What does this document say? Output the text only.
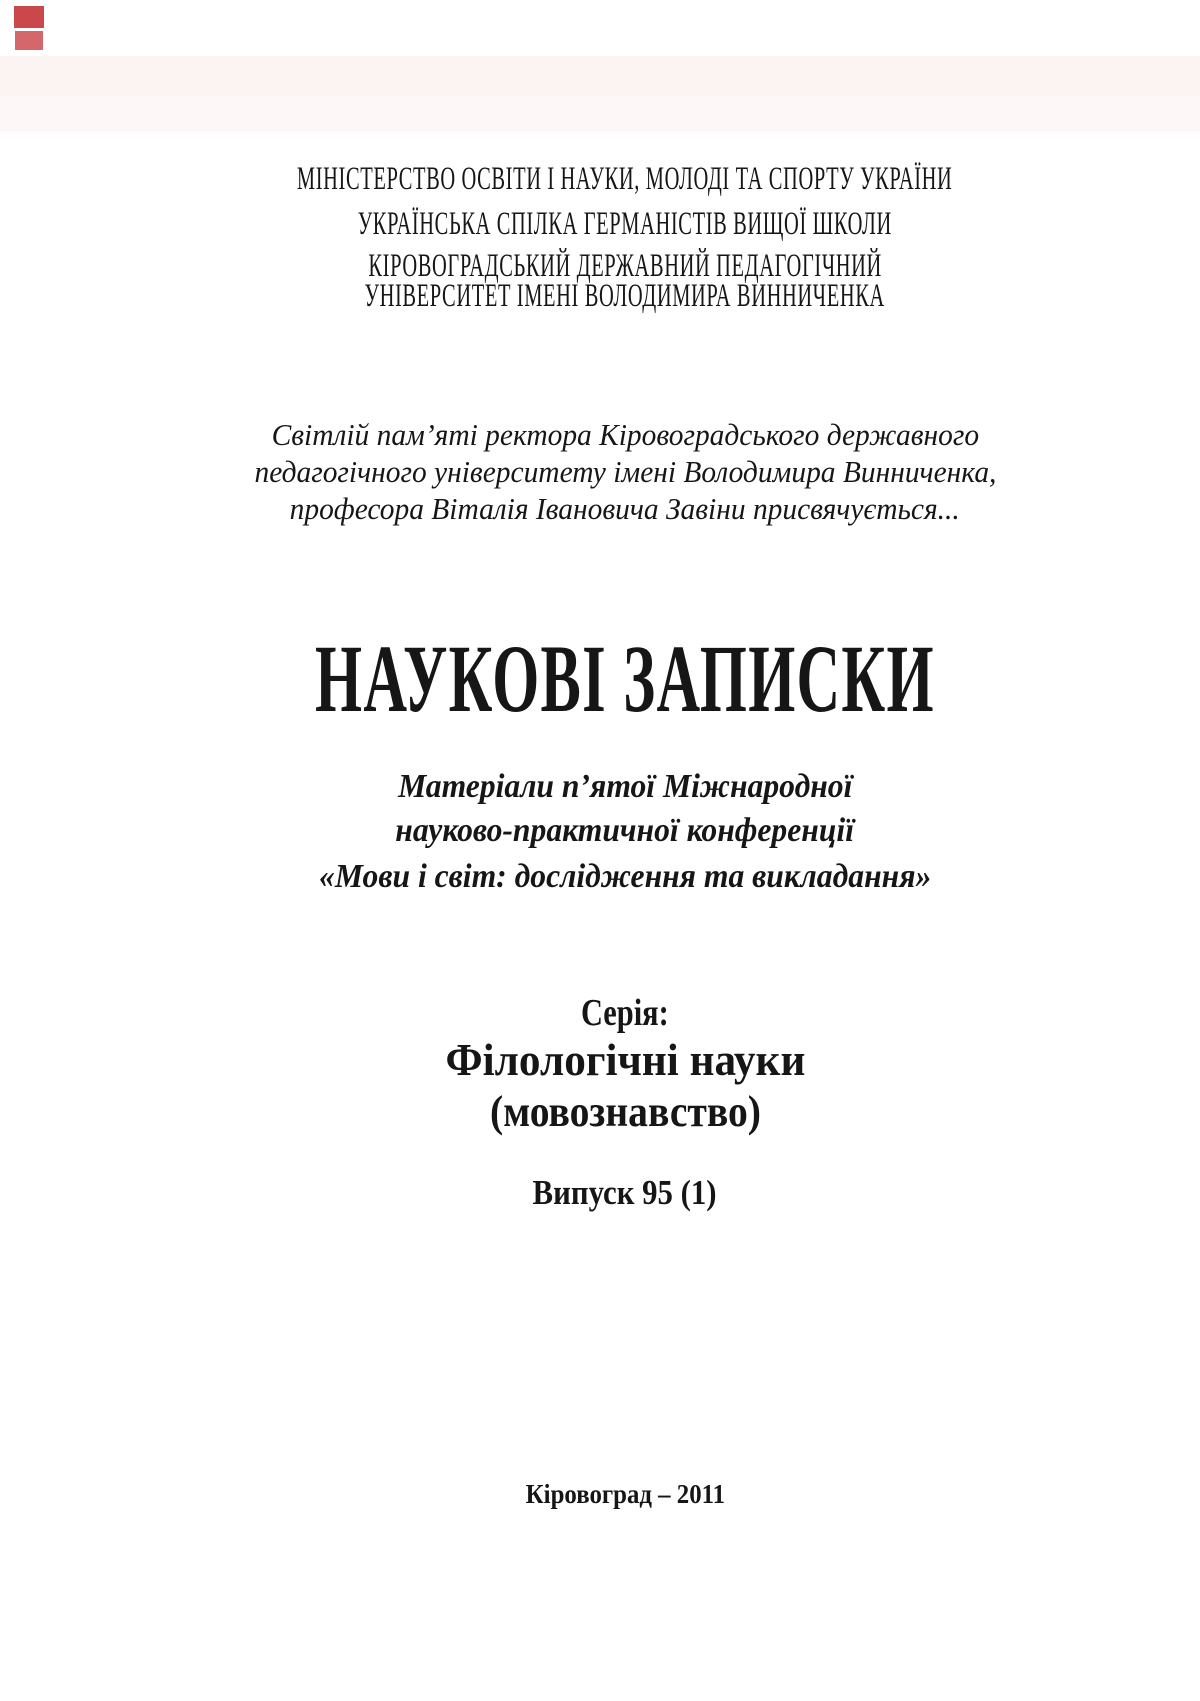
МІНІСТЕРСТВО ОСВІТИ І НАУКИ, МОЛОДІ ТА СПОРТУ УКРАЇНИ
УКРАЇНСЬКА СПІЛКА ГЕРМАНІСТІВ ВИЩОЇ ШКОЛИ
КІРОВОГРАДСЬКИЙ ДЕРЖАВНИЙ ПЕДАГОГІЧНИЙ
УНІВЕРСИТЕТ ІМЕНІ ВОЛОДИМИРА ВИННИЧЕНКА
Світлій пам’яті ректора Кіровоградського державного
педагогічного університету імені Володимира Винниченка,
професора Віталія Івановича Завіни присвячується...
НАУКОВІ ЗАПИСКИ
Матеріали п’ятої Міжнародної
науково-практичної конференції
«Мови і світ: дослідження та викладання»
Серія:
Філологічні науки
(мовознавство)
Випуск 95 (1)
Кіровоград – 2011
